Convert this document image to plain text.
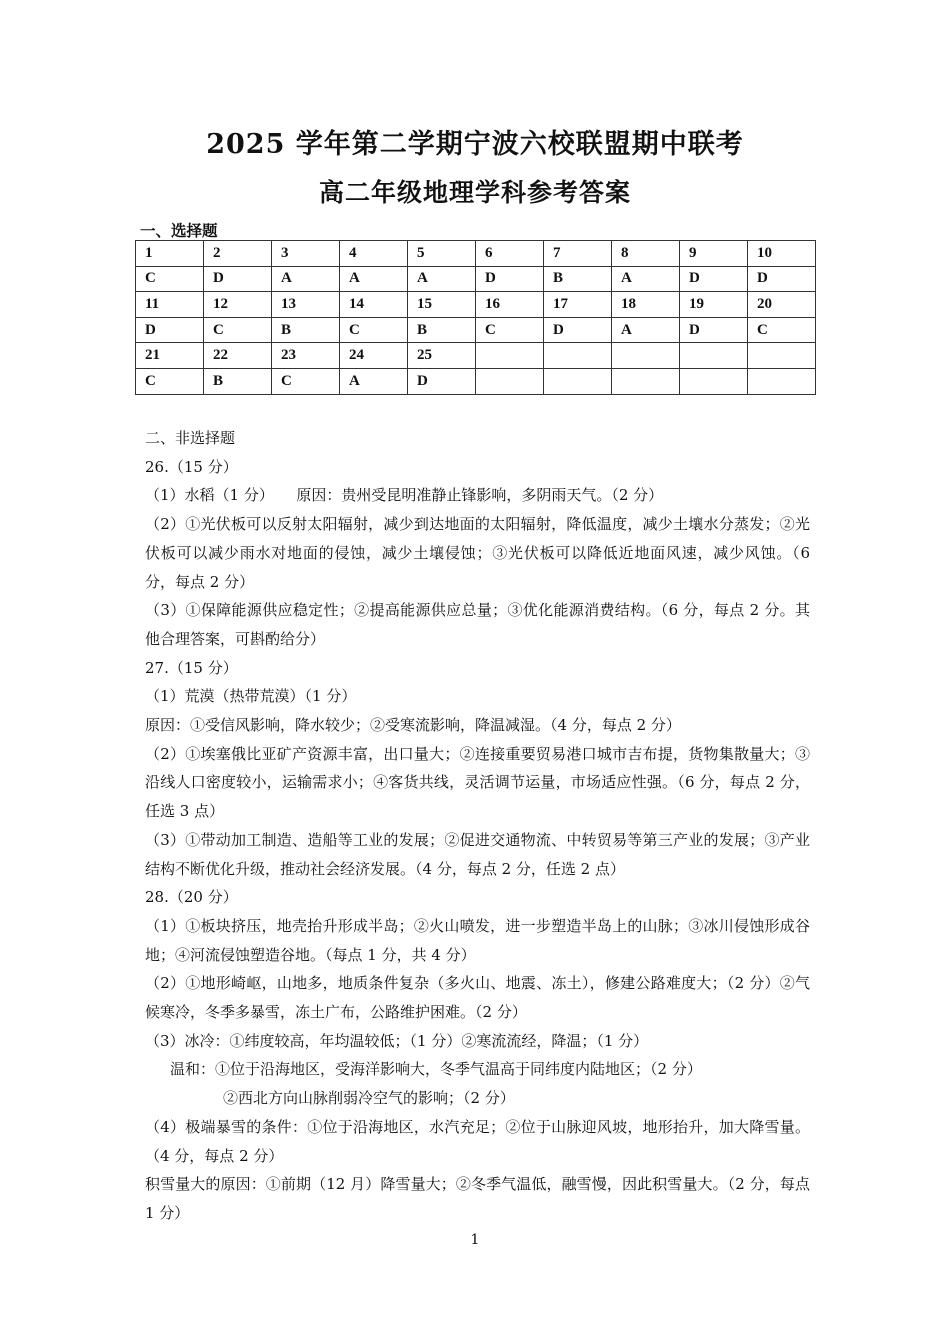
2025 学年第二学期宁波六校联盟期中联考
高二年级地理学科参考答案
一、选择题
1	2	3	4	5	6	7	8	9	10
C	D	A	A	A	D	B	A	D	D
11	12	13	14	15	16	17	18	19	20
D	C	B	C	B	C	D	A	D	C
21	22	23	24	25					
C	B	C	A	D					

二、非选择题

26.（15 分）

（1）水稻（1 分）　　原因：贵州受昆明准静止锋影响，多阴雨天气。（2 分）

（2）①光伏板可以反射太阳辐射，减少到达地面的太阳辐射，降低温度，减少土壤水分蒸发；②光伏板可以减少雨水对地面的侵蚀，减少土壤侵蚀；③光伏板可以降低近地面风速，减少风蚀。（6 分，每点 2 分）

（3）①保障能源供应稳定性；②提高能源供应总量；③优化能源消费结构。（6 分，每点 2 分。其他合理答案，可斟酌给分）

27.（15 分）

（1）荒漠（热带荒漠）（1 分）

原因：①受信风影响，降水较少；②受寒流影响，降温减湿。（4 分，每点 2 分）

（2）①埃塞俄比亚矿产资源丰富，出口量大；②连接重要贸易港口城市吉布提，货物集散量大；③沿线人口密度较小，运输需求小；④客货共线，灵活调节运量，市场适应性强。（6 分，每点 2 分，任选 3 点）

（3）①带动加工制造、造船等工业的发展；②促进交通物流、中转贸易等第三产业的发展；③产业结构不断优化升级，推动社会经济发展。（4 分，每点 2 分，任选 2 点）

28.（20 分）

（1）①板块挤压，地壳抬升形成半岛；②火山喷发，进一步塑造半岛上的山脉；③冰川侵蚀形成谷地；④河流侵蚀塑造谷地。（每点 1 分，共 4 分）

（2）①地形崎岖，山地多，地质条件复杂（多火山、地震、冻土），修建公路难度大；（2 分）②气候寒冷，冬季多暴雪，冻土广布，公路维护困难。（2 分）

（3）冰冷：①纬度较高，年均温较低；（1 分）②寒流流经，降温；（1 分）

温和：①位于沿海地区，受海洋影响大，冬季气温高于同纬度内陆地区；（2 分）

②西北方向山脉削弱冷空气的影响；（2 分）

（4）极端暴雪的条件：①位于沿海地区，水汽充足；②位于山脉迎风坡，地形抬升，加大降雪量。（4 分，每点 2 分）

积雪量大的原因：①前期（12 月）降雪量大；②冬季气温低，融雪慢，因此积雪量大。（2 分，每点 1 分）

1
